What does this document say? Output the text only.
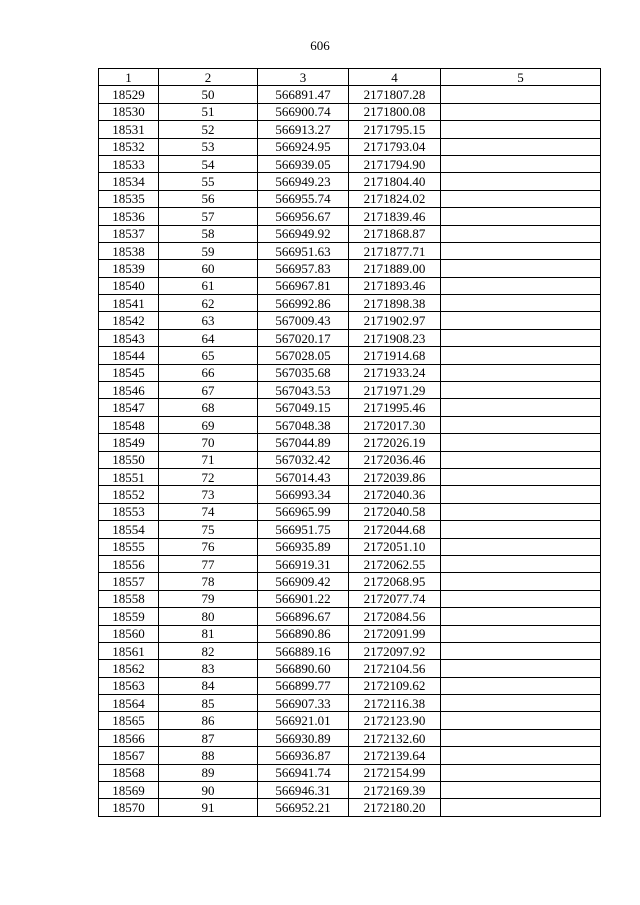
606
1	2	3	4	5
18529	50	566891.47	2171807.28	
18530	51	566900.74	2171800.08	
18531	52	566913.27	2171795.15	
18532	53	566924.95	2171793.04	
18533	54	566939.05	2171794.90	
18534	55	566949.23	2171804.40	
18535	56	566955.74	2171824.02	
18536	57	566956.67	2171839.46	
18537	58	566949.92	2171868.87	
18538	59	566951.63	2171877.71	
18539	60	566957.83	2171889.00	
18540	61	566967.81	2171893.46	
18541	62	566992.86	2171898.38	
18542	63	567009.43	2171902.97	
18543	64	567020.17	2171908.23	
18544	65	567028.05	2171914.68	
18545	66	567035.68	2171933.24	
18546	67	567043.53	2171971.29	
18547	68	567049.15	2171995.46	
18548	69	567048.38	2172017.30	
18549	70	567044.89	2172026.19	
18550	71	567032.42	2172036.46	
18551	72	567014.43	2172039.86	
18552	73	566993.34	2172040.36	
18553	74	566965.99	2172040.58	
18554	75	566951.75	2172044.68	
18555	76	566935.89	2172051.10	
18556	77	566919.31	2172062.55	
18557	78	566909.42	2172068.95	
18558	79	566901.22	2172077.74	
18559	80	566896.67	2172084.56	
18560	81	566890.86	2172091.99	
18561	82	566889.16	2172097.92	
18562	83	566890.60	2172104.56	
18563	84	566899.77	2172109.62	
18564	85	566907.33	2172116.38	
18565	86	566921.01	2172123.90	
18566	87	566930.89	2172132.60	
18567	88	566936.87	2172139.64	
18568	89	566941.74	2172154.99	
18569	90	566946.31	2172169.39	
18570	91	566952.21	2172180.20	
